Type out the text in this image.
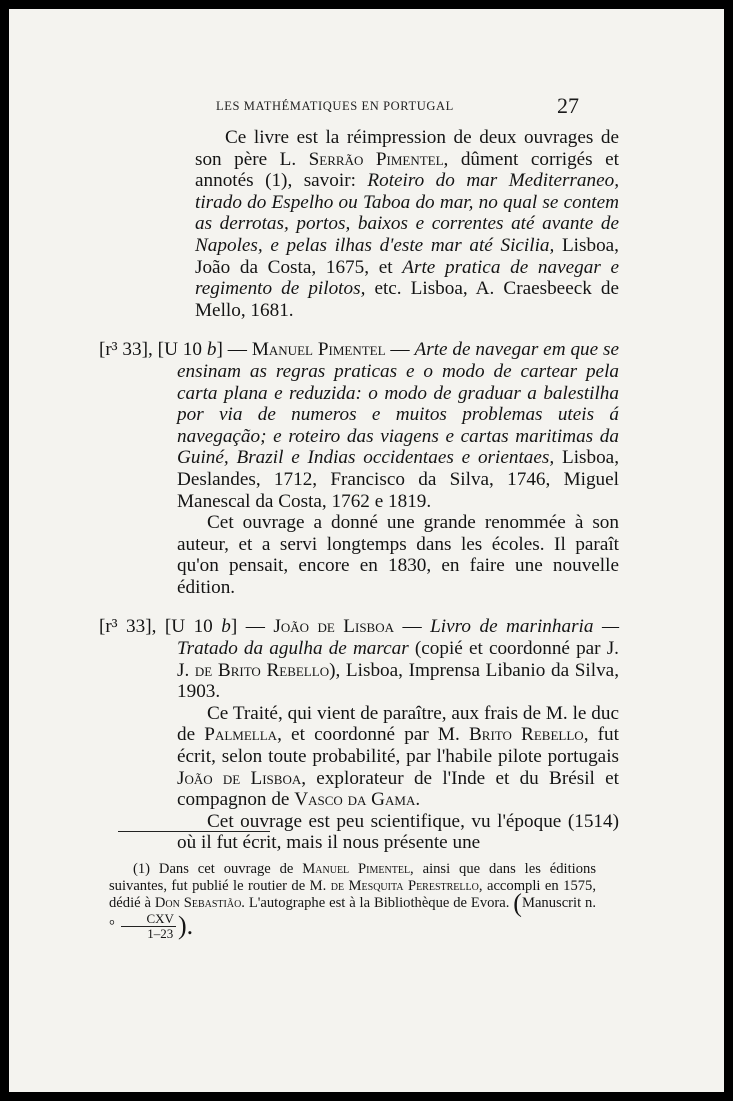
LES MATHÉMATIQUES EN PORTUGAL	27

Ce livre est la réimpression de deux ouvrages de son père L. Serrão Pimentel, dûment corrigés et annotés (1), savoir: Roteiro do mar Mediterraneo, tirado do Espelho ou Taboa do mar, no qual se contem as derrotas, portos, baixos e correntes até avante de Napoles, e pelas ilhas d'este mar até Sicilia, Lisboa, João da Costa, 1675, et Arte pratica de navegar e regimento de pilotos, etc. Lisboa, A. Craesbeeck de Mello, 1681.

[r³ 33], [U 10 b] — Manuel Pimentel — Arte de navegar em que se ensinam as regras praticas e o modo de cartear pela carta plana e reduzida: o modo de graduar a balestilha por via de numeros e muitos problemas uteis á navegação; e roteiro das viagens e cartas maritimas da Guiné, Brazil e Indias occidentaes e orientaes, Lisboa, Deslandes, 1712, Francisco da Silva, 1746, Miguel Manescal da Costa, 1762 e 1819.

Cet ouvrage a donné une grande renommée à son auteur, et a servi longtemps dans les écoles. Il paraît qu'on pensait, encore en 1830, en faire une nouvelle édition.

[r³ 33], [U 10 b] — João de Lisboa — Livro de marinharia — Tratado da agulha de marcar (copié et coordonné par J. J. de Brito Rebello), Lisboa, Imprensa Libanio da Silva, 1903.

Ce Traité, qui vient de paraître, aux frais de M. le duc de Palmella, et coordonné par M. Brito Rebello, fut écrit, selon toute probabilité, par l'habile pilote portugais João de Lisboa, explorateur de l'Inde et du Brésil et compagnon de Vasco da Gama.

Cet ouvrage est peu scientifique, vu l'époque (1514) où il fut écrit, mais il nous présente une

(1) Dans cet ouvrage de Manuel Pimentel, ainsi que dans les éditions suivantes, fut publié le routier de M. de Mesquita Perestrello, accompli en 1575, dédié à Don Sebastião. L'autographe est à la Bibliothèque de Evora. (Manuscrit $n.^\circ \frac{\text{CXV}}{1-23}$ ).
